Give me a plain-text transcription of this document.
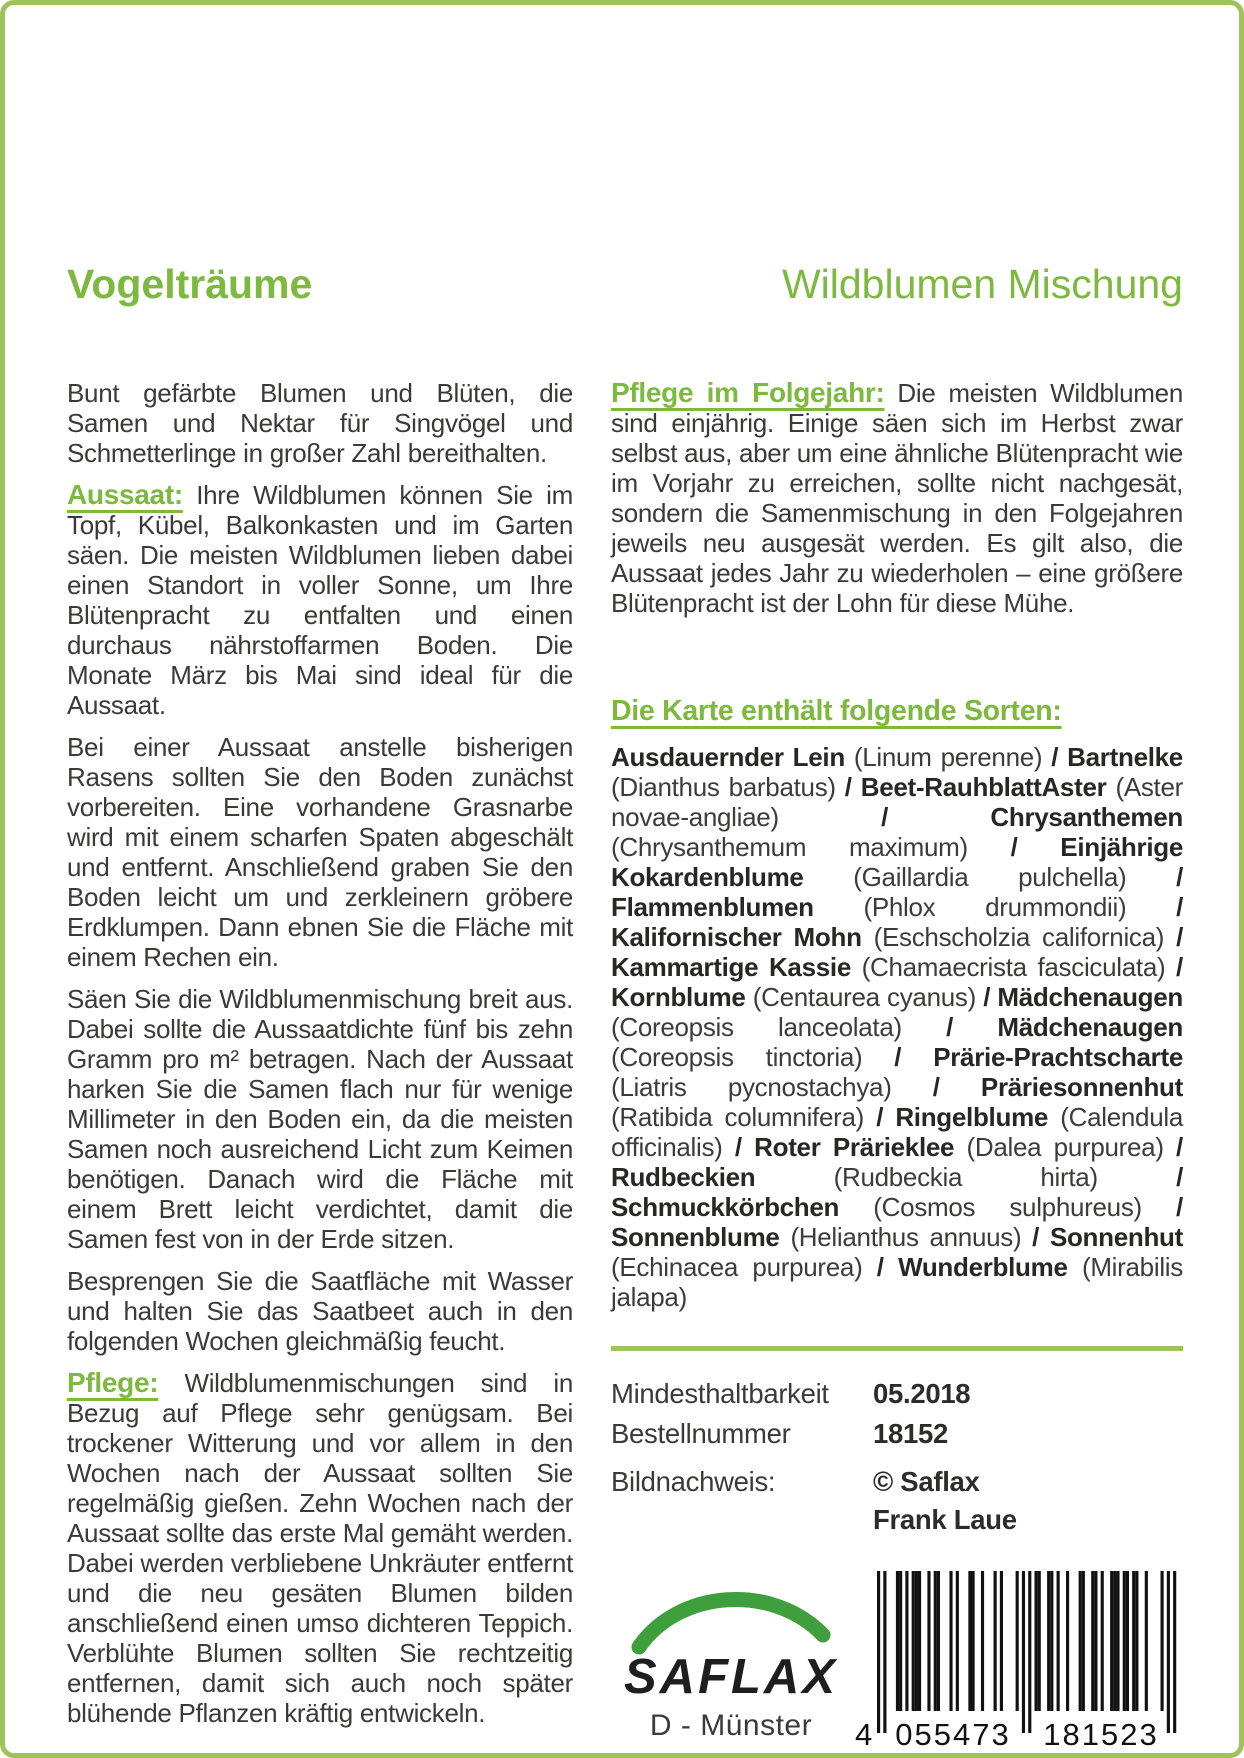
Vogelträume	Wildblumen Mischung

Bunt gefärbte Blumen und Blüten, die Samen und Nektar für Singvögel und Schmetterlinge in großer Zahl bereithalten.

Aussaat: Ihre Wildblumen können Sie im Topf, Kübel, Balkonkasten und im Garten säen. Die meisten Wildblumen lieben dabei einen Standort in voller Sonne, um Ihre Blütenpracht zu entfalten und einen durchaus nährstoffarmen Boden. Die Monate März bis Mai sind ideal für die Aussaat.

Bei einer Aussaat anstelle bisherigen Rasens sollten Sie den Boden zunächst vorbereiten. Eine vorhandene Grasnarbe wird mit einem scharfen Spaten abgeschält und entfernt. Anschließend graben Sie den Boden leicht um und zerkleinern gröbere Erdklumpen. Dann ebnen Sie die Fläche mit einem Rechen ein.

Säen Sie die Wildblumenmischung breit aus. Dabei sollte die Aussaatdichte fünf bis zehn Gramm pro m² betragen. Nach der Aussaat harken Sie die Samen flach nur für wenige Millimeter in den Boden ein, da die meisten Samen noch ausreichend Licht zum Keimen benötigen. Danach wird die Fläche mit einem Brett leicht verdichtet, damit die Samen fest von in der Erde sitzen.

Besprengen Sie die Saatfläche mit Wasser und halten Sie das Saatbeet auch in den folgenden Wochen gleichmäßig feucht.

Pflege: Wildblumenmischungen sind in Bezug auf Pflege sehr genügsam. Bei trockener Witterung und vor allem in den Wochen nach der Aussaat sollten Sie regelmäßig gießen. Zehn Wochen nach der Aussaat sollte das erste Mal gemäht werden. Dabei werden verbliebene Unkräuter entfernt und die neu gesäten Blumen bilden anschließend einen umso dichteren Teppich. Verblühte Blumen sollten Sie rechtzeitig entfernen, damit sich auch noch später blühende Pflanzen kräftig entwickeln.

Pflege im Folgejahr: Die meisten Wildblumen sind einjährig. Einige säen sich im Herbst zwar selbst aus, aber um eine ähnliche Blütenpracht wie im Vorjahr zu erreichen, sollte nicht nachgesät, sondern die Samenmischung in den Folgejahren jeweils neu ausgesät werden. Es gilt also, die Aussaat jedes Jahr zu wiederholen – eine größere Blütenpracht ist der Lohn für diese Mühe.

Die Karte enthält folgende Sorten:

Ausdauernder Lein (Linum perenne) / Bartnelke (Dianthus barbatus) / Beet-RauhblattAster (Aster novae-angliae) / Chrysanthemen (Chrysanthemum maximum) / Einjährige Kokardenblume (Gaillardia pulchella) / Flammenblumen (Phlox drummondii) / Kalifornischer Mohn (Eschscholzia californica) / Kammartige Kassie (Chamaecrista fasciculata) / Kornblume (Centaurea cyanus) / Mädchenaugen (Coreopsis lanceolata) / Mädchenaugen (Coreopsis tinctoria) / Prärie-Prachtscharte (Liatris pycnostachya) / Präriesonnenhut (Ratibida columnifera) / Ringelblume (Calendula officinalis) / Roter Prärieklee (Dalea purpurea) / Rudbeckien (Rudbeckia hirta) / Schmuckkörbchen (Cosmos sulphureus) / Sonnenblume (Helianthus annuus) / Sonnenhut (Echinacea purpurea) / Wunderblume (Mirabilis jalapa)

Mindesthaltbarkeit	05.2018
Bestellnummer	18152
Bildnachweis:	© Saflax
Frank Laue
SAFLAX
D - Münster	4 055473 181523
